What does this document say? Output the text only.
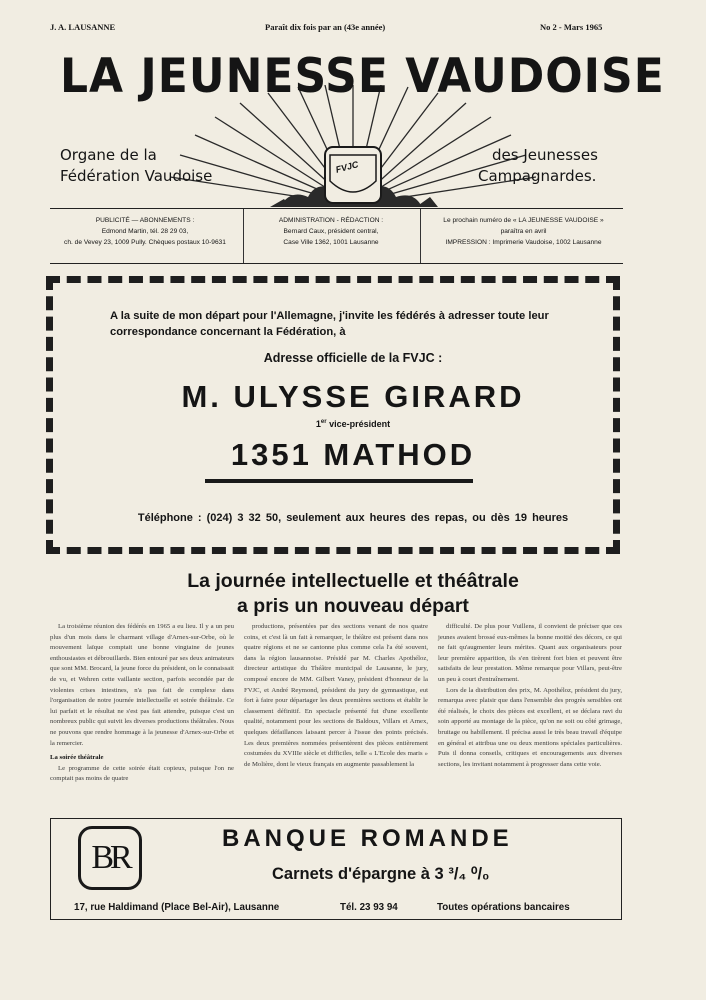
J. A. LAUSANNE	Paraît dix fois par an (43e année)	No 2 - Mars 1965
FVJC
LA JEUNESSE VAUDOISE
Organe de la
Fédération Vaudoise
des Jeunesses
Campagnardes.
PUBLICITÉ — ABONNEMENTS :
Edmond Martin, tél. 28 29 03,
ch. de Vevey 23, 1009 Pully. Chèques postaux 10-9631
ADMINISTRATION - RÉDACTION :
Bernard Caux, président central,
Case Ville 1362, 1001 Lausanne
Le prochain numéro de « LA JEUNESSE VAUDOISE »
paraîtra en avril
IMPRESSION : Imprimerie Vaudoise, 1002 Lausanne
A la suite de mon départ pour l'Allemagne, j'invite les fédérés à adresser toute leur correspondance concernant la Fédération, à
Adresse officielle de la FVJC :
M. ULYSSE GIRARD
1er vice-président
1351 MATHOD
Téléphone : (024) 3 32 50, seulement aux heures des repas, ou dès 19 heures
La journée intellectuelle et théâtrale
a pris un nouveau départ

La troisième réunion des fédérés en 1965 a eu lieu. Il y a un peu plus d'un mois dans le charmant village d'Arnex-sur-Orbe, où le mouvement laïque comptait une bonne vingtaine de jeunes enthousiastes et débrouillards. Bien entouré par ses deux animateurs que sont MM. Brocard, la jeune force du président, on le connaissait de vu, et Wehren cette vaillante section, parfois secondée par de violentes crises intestines, n'a pas fait de complexe dans l'organisation de notre journée intellectuelle et soirée théâtrale. Ce lui parfait et le résultat ne s'est pas fait attendre, puisque c'est un nombreux public qui suivit les diverses productions théâtrales. Nous ne pouvons que rendre hommage à la jeunesse d'Arnex-sur-Orbe et la remercier.

La soirée théâtrale

Le programme de cette soirée était copieux, puisque l'on ne comptait pas moins de quatre

productions, présentées par des sections venant de nos quatre coins, et c'est là un fait à remarquer, le théâtre est présent dans nos quatre régions et ne se cantonne plus comme cela l'a été souvent, dans la région lausannoise. Présidé par M. Charles Apothéloz, directeur artistique du Théâtre municipal de Lausanne, le jury, composé encore de MM. Gilbert Vaney, président d'honneur de la FVJC, et André Reymond, président du jury de gymnastique, eut fort à faire pour départager les deux premières sections et établir le classement définitif. En spectacle présenté fut d'une excellente qualité, notamment pour les sections de Baldoux, Villars et Arnex, quelques défaillances laissant percer à l'issue des points précisés. Les deux premières nommées présentèrent des pièces entièrement costumées du XVIIIe siècle et difficiles, telle « L'Ecole des maris » de Molière, dont le vieux français en augmente passablement la

difficulté. De plus pour Vuillens, il convient de préciser que ces jeunes avaient brossé eux-mêmes la bonne moitié des décors, ce qui ne fait qu'augmenter leurs mérites. Quant aux organisateurs pour leur première apparition, ils s'en tirèrent fort bien et peuvent être satisfaits de leur prestation. Même remarque pour Villars, peut-être un peu à court d'entraînement.

Lors de la distribution des prix, M. Apothéloz, président du jury, remarqua avec plaisir que dans l'ensemble des progrès sensibles ont été réalisés, le choix des pièces est excellent, et se déclara ravi du soin apporté au montage de la pièce, qu'on ne soit ou côté grimage, bruitage ou habillement. Il précisa aussi le très beau travail d'équipe en général et attribua une ou deux mentions spéciales particulières. Puis il donna conseils, critiques et encouragements aux diverses sections, les invitant notamment à progresser dans cette voie.

BR
BANQUE ROMANDE
Carnets d'épargne à 3 ³/₄ ⁰/₀
17, rue Haldimand (Place Bel-Air), Lausanne	Tél. 23 93 94	Toutes opérations bancaires
